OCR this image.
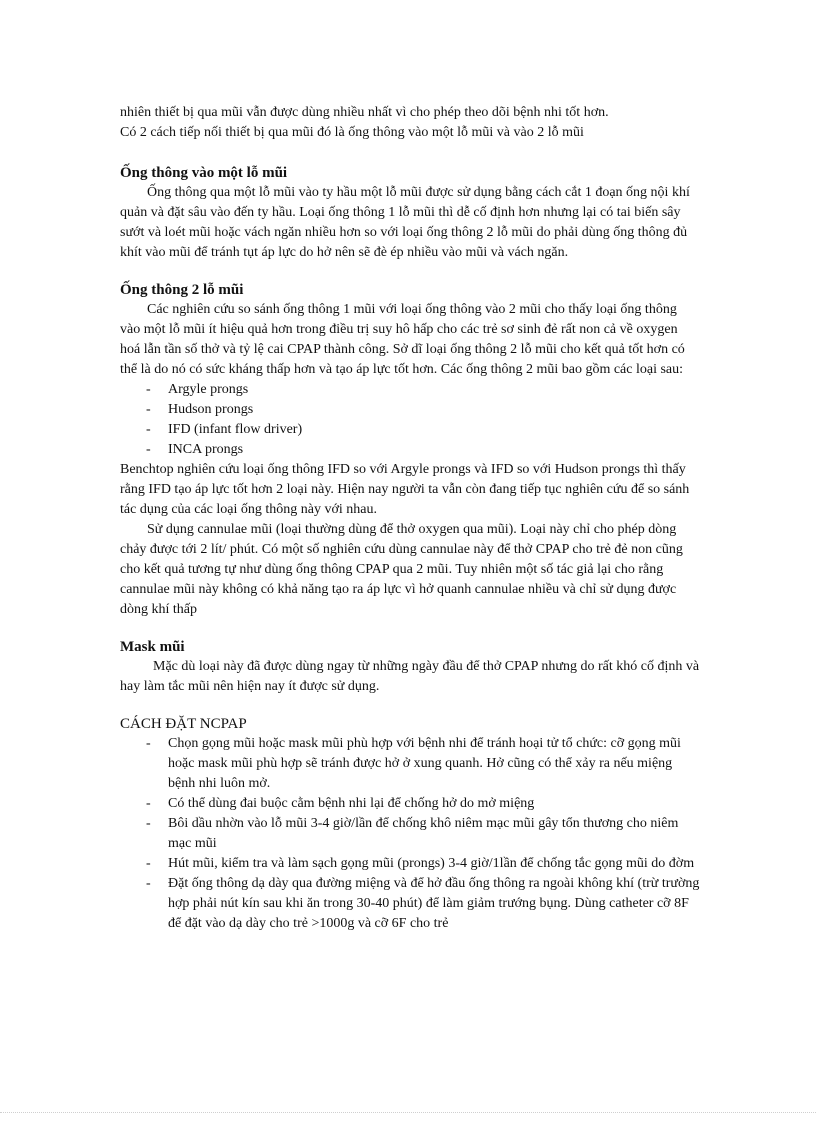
nhiên thiết bị qua mũi vẫn được dùng nhiều nhất vì cho phép theo dõi bệnh nhi tốt hơn.

Có 2 cách tiếp nối thiết bị qua mũi đó là ống thông vào một lỗ mũi và vào 2 lỗ mũi

Ống thông vào một lỗ mũi

Ống thông qua một lỗ mũi vào ty hầu một lỗ mũi được sử dụng bằng cách cắt 1 đoạn ống nội khí quản và đặt sâu vào đến ty hầu. Loại ống thông 1 lỗ mũi thì dễ cố định hơn nhưng lại có tai biến sây sướt và loét mũi hoặc vách ngăn nhiều hơn so với loại ống thông 2 lỗ mũi do phải dùng ống thông đủ khít vào mũi để tránh tụt áp lực do hở nên sẽ đè ép nhiều vào mũi và vách ngăn.

Ống thông 2 lỗ mũi

Các nghiên cứu so sánh ống thông 1 mũi với loại ống thông vào 2 mũi cho thấy loại ống thông vào một lỗ mũi ít hiệu quả hơn trong điều trị suy hô hấp cho các trẻ sơ sinh đẻ rất non cả về oxygen hoá lẫn tần số thở và tỷ lệ cai CPAP thành công. Sở dĩ loại ống thông 2 lỗ mũi cho kết quả tốt hơn có thể là do nó có sức kháng thấp hơn và tạo áp lực tốt hơn. Các ống thông 2 mũi bao gồm các loại sau:

- Argyle prongs
- Hudson prongs
- IFD (infant flow driver)
- INCA prongs

Benchtop nghiên cứu loại ống thông IFD so với Argyle prongs và IFD so với Hudson prongs thì thấy rằng IFD tạo áp lực tốt hơn 2 loại này. Hiện nay người ta vẫn còn đang tiếp tục nghiên cứu để so sánh tác dụng của các loại ống thông này với nhau.

Sử dụng cannulae mũi (loại thường dùng để thở oxygen qua mũi). Loại này chỉ cho phép dòng chảy được tới 2 lít/ phút. Có một số nghiên cứu dùng cannulae này để thở CPAP cho trẻ đẻ non cũng cho kết quả tương tự như dùng ống thông CPAP qua 2 mũi. Tuy nhiên một số tác giả lại cho rằng cannulae mũi này không có khả năng tạo ra áp lực vì hở quanh cannulae nhiều và chỉ sử dụng được dòng khí thấp

Mask mũi

Mặc dù loại này đã được dùng ngay từ những ngày đầu để thở CPAP nhưng do rất khó cố định và hay làm tắc mũi nên hiện nay ít được sử dụng.

CÁCH ĐẶT NCPAP

- Chọn gọng mũi hoặc mask mũi phù hợp với bệnh nhi để tránh hoại tử tổ chức: cỡ gọng mũi hoặc mask mũi phù hợp sẽ tránh được hở ở xung quanh. Hở cũng có thể xảy ra nếu miệng bệnh nhi luôn mở.
- Có thể dùng đai buộc cằm bệnh nhi lại để chống hở do mở miệng
- Bôi dầu nhờn vào lỗ mũi 3-4 giờ/lần để chống khô niêm mạc mũi gây tổn thương cho niêm mạc mũi
- Hút mũi, kiểm tra và làm sạch gọng mũi (prongs) 3-4 giờ/1lần để chống tắc gọng mũi do đờm
- Đặt ống thông dạ dày qua đường miệng và để hở đầu ống thông ra ngoài không khí (trừ trường hợp phải nút kín sau khi ăn trong 30-40 phút) để làm giảm trướng bụng. Dùng catheter cỡ 8F để đặt vào dạ dày cho trẻ >1000g và cỡ 6F cho trẻ
